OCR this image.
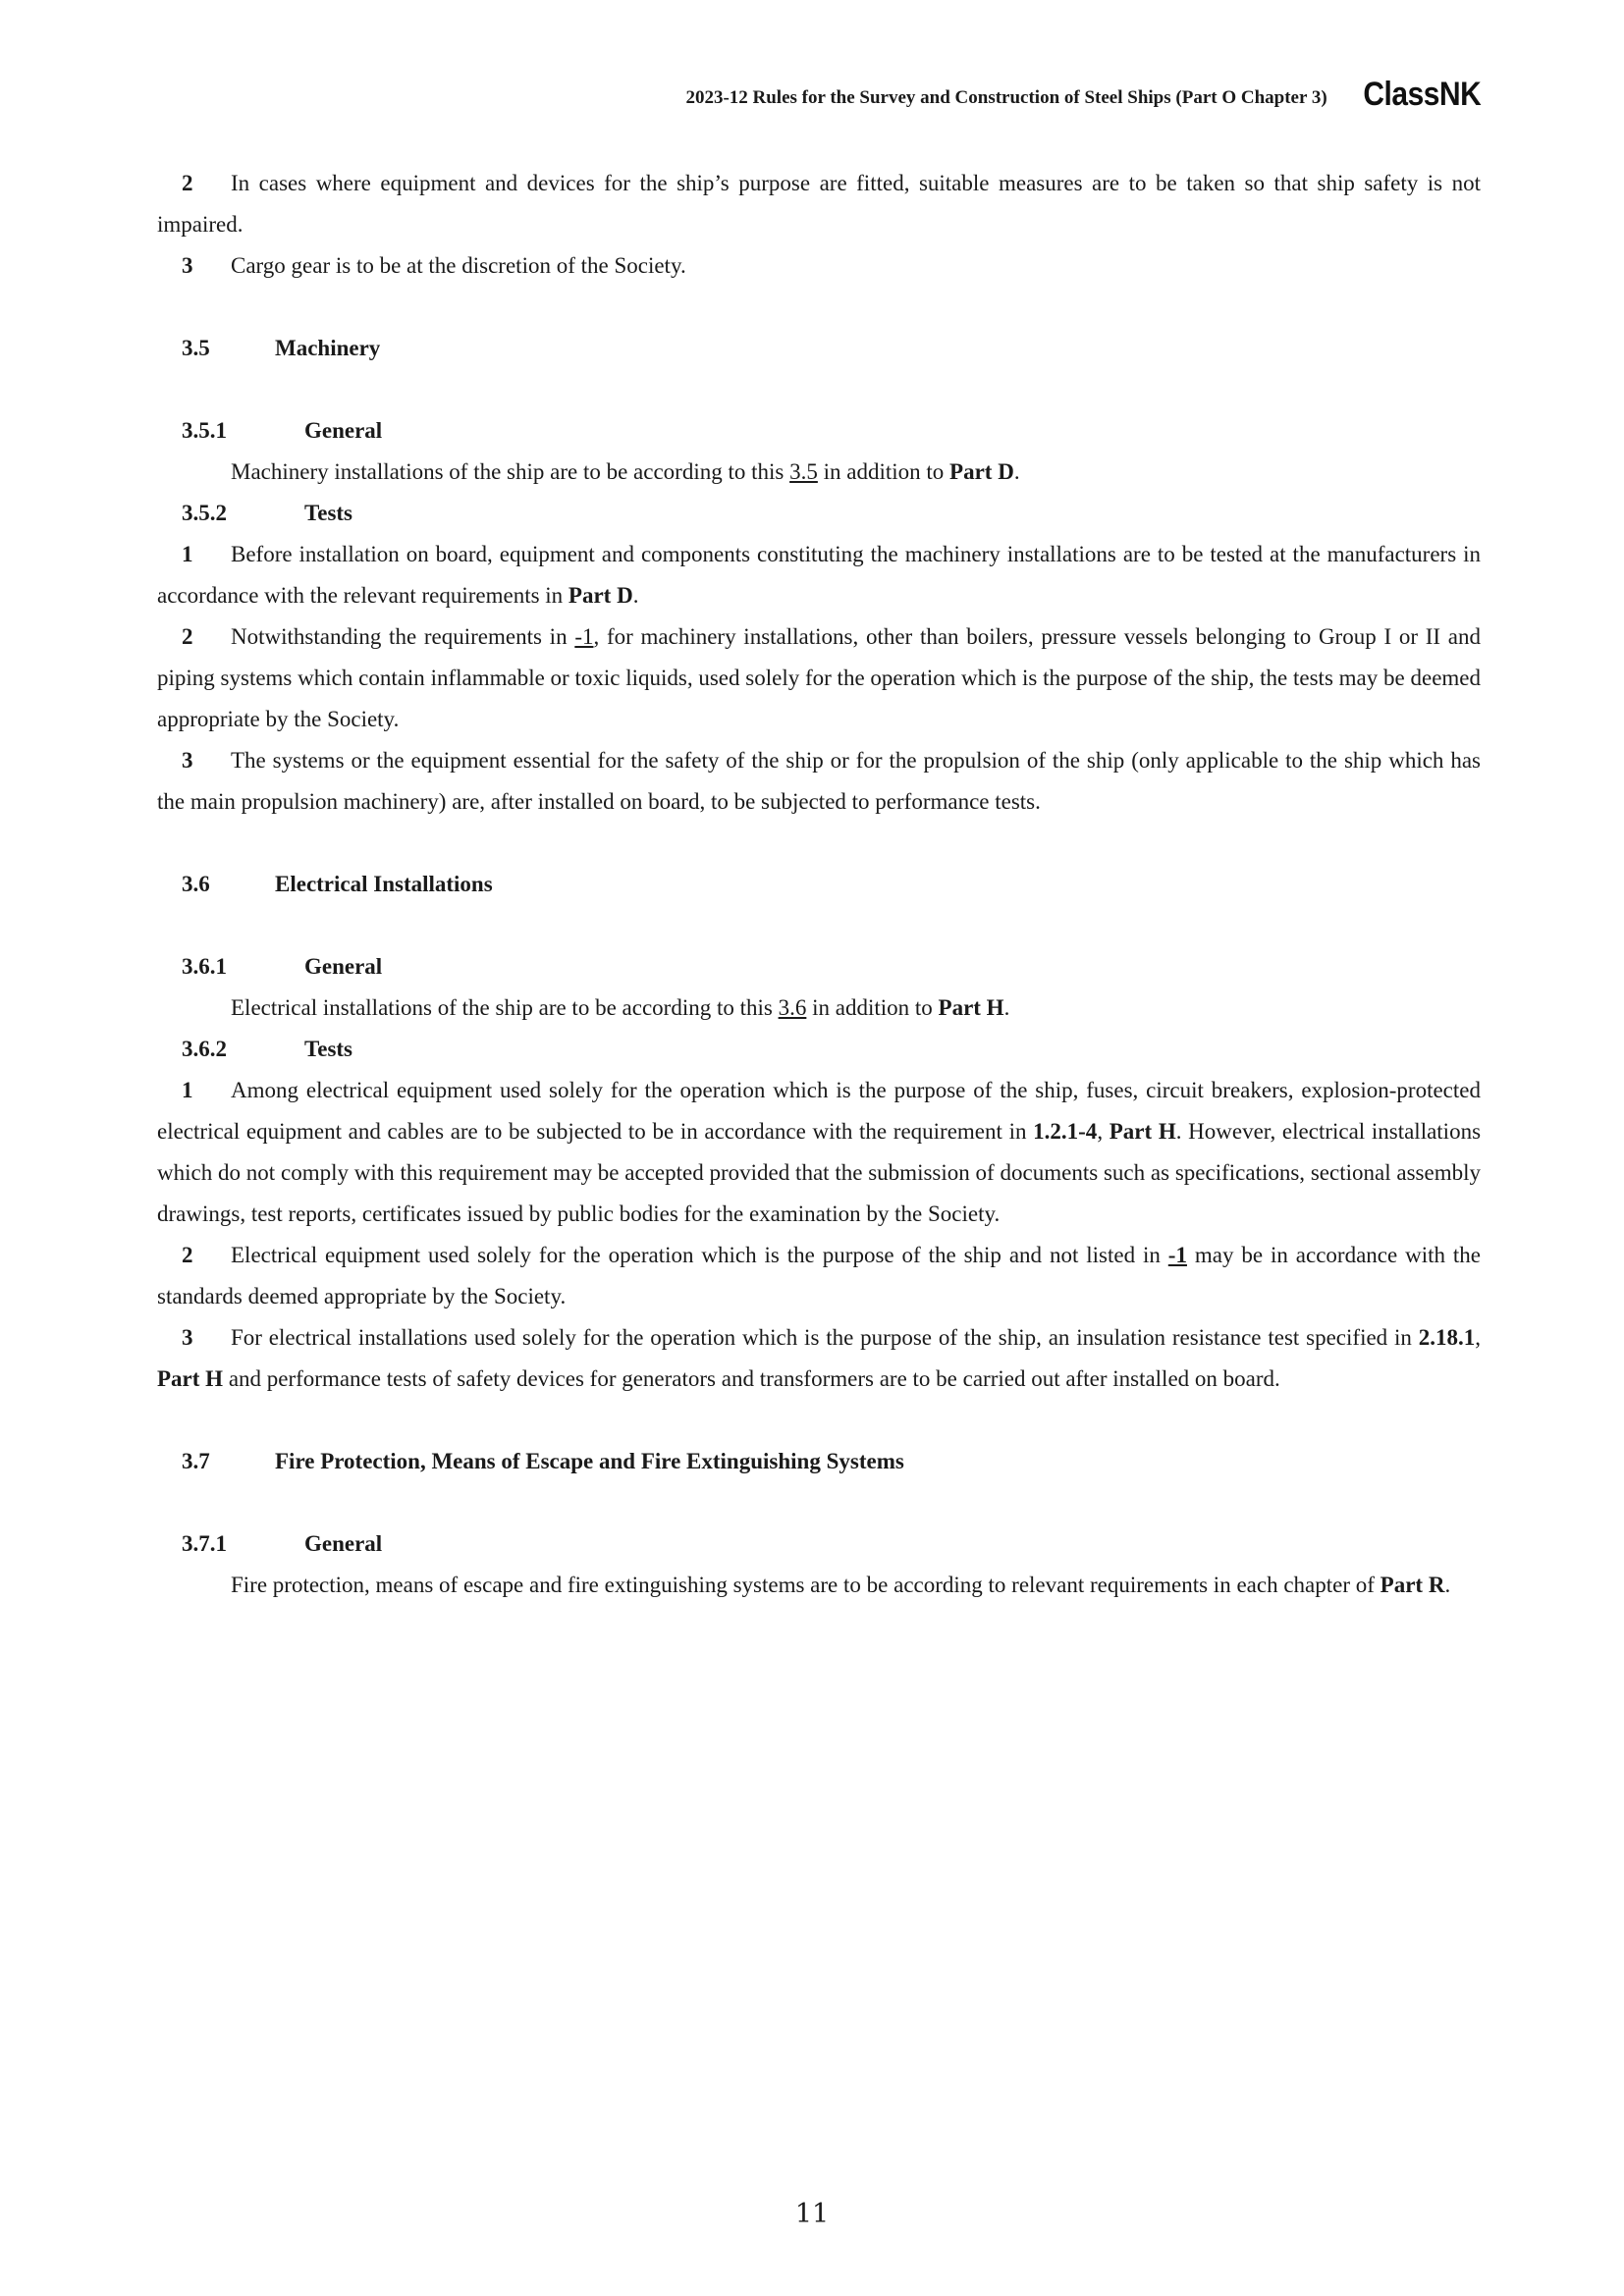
2023-12 Rules for the Survey and Construction of Steel Ships (Part O Chapter 3) ClassNK

2 In cases where equipment and devices for the ship’s purpose are fitted, suitable measures are to be taken so that ship safety is not impaired.

3 Cargo gear is to be at the discretion of the Society.

3.5	Machinery

3.5.1	General

Machinery installations of the ship are to be according to this 3.5 in addition to Part D.

3.5.2	Tests

1 Before installation on board, equipment and components constituting the machinery installations are to be tested at the manufacturers in accordance with the relevant requirements in Part D.

2 Notwithstanding the requirements in -1, for machinery installations, other than boilers, pressure vessels belonging to Group I or II and piping systems which contain inflammable or toxic liquids, used solely for the operation which is the purpose of the ship, the tests may be deemed appropriate by the Society.

3 The systems or the equipment essential for the safety of the ship or for the propulsion of the ship (only applicable to the ship which has the main propulsion machinery) are, after installed on board, to be subjected to performance tests.

3.6	Electrical Installations

3.6.1	General

Electrical installations of the ship are to be according to this 3.6 in addition to Part H.

3.6.2	Tests

1 Among electrical equipment used solely for the operation which is the purpose of the ship, fuses, circuit breakers, explosion-protected electrical equipment and cables are to be subjected to be in accordance with the requirement in 1.2.1-4, Part H. However, electrical installations which do not comply with this requirement may be accepted provided that the submission of documents such as specifications, sectional assembly drawings, test reports, certificates issued by public bodies for the examination by the Society.

2 Electrical equipment used solely for the operation which is the purpose of the ship and not listed in -1 may be in accordance with the standards deemed appropriate by the Society.

3 For electrical installations used solely for the operation which is the purpose of the ship, an insulation resistance test specified in 2.18.1, Part H and performance tests of safety devices for generators and transformers are to be carried out after installed on board.

3.7	Fire Protection, Means of Escape and Fire Extinguishing Systems

3.7.1	General

Fire protection, means of escape and fire extinguishing systems are to be according to relevant requirements in each chapter of Part R.

11
